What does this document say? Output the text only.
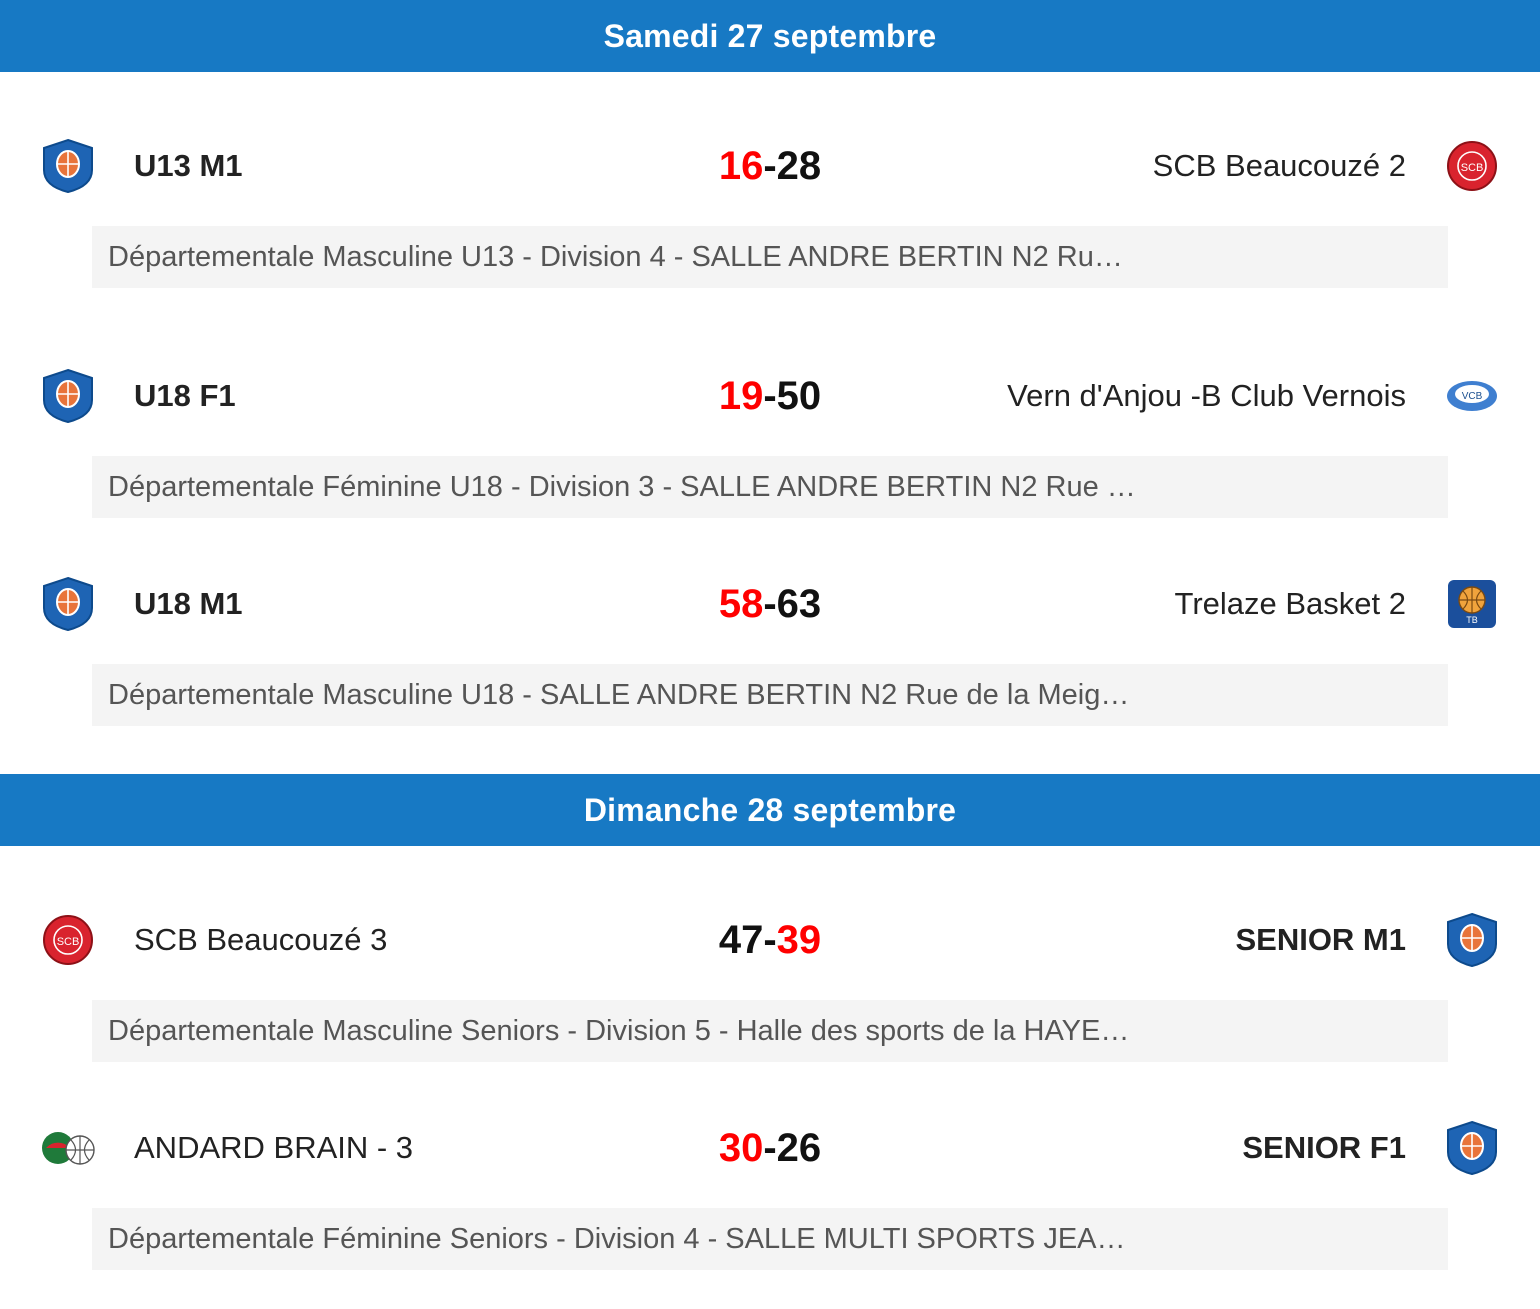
Samedi 27 septembre
U13 M1	16-28	SCB Beaucouzé 2	SCB
Départementale Masculine U13 - Division 4 - SALLE ANDRE BERTIN N2 Ru…
U18 F1	19-50	Vern d'Anjou -B Club Vernois	VCB
Départementale Féminine U18 - Division 3 - SALLE ANDRE BERTIN N2 Rue …
U18 M1	58-63	Trelaze Basket 2	TB
Départementale Masculine U18 - SALLE ANDRE BERTIN N2 Rue de la Meig…
Dimanche 28 septembre
SCB	SCB Beaucouzé 3	47-39	SENIOR M1
Départementale Masculine Seniors - Division 5 - Halle des sports de la HAYE…
ANDARD BRAIN - 3	30-26	SENIOR F1
Départementale Féminine Seniors - Division 4 - SALLE MULTI SPORTS JEA…
